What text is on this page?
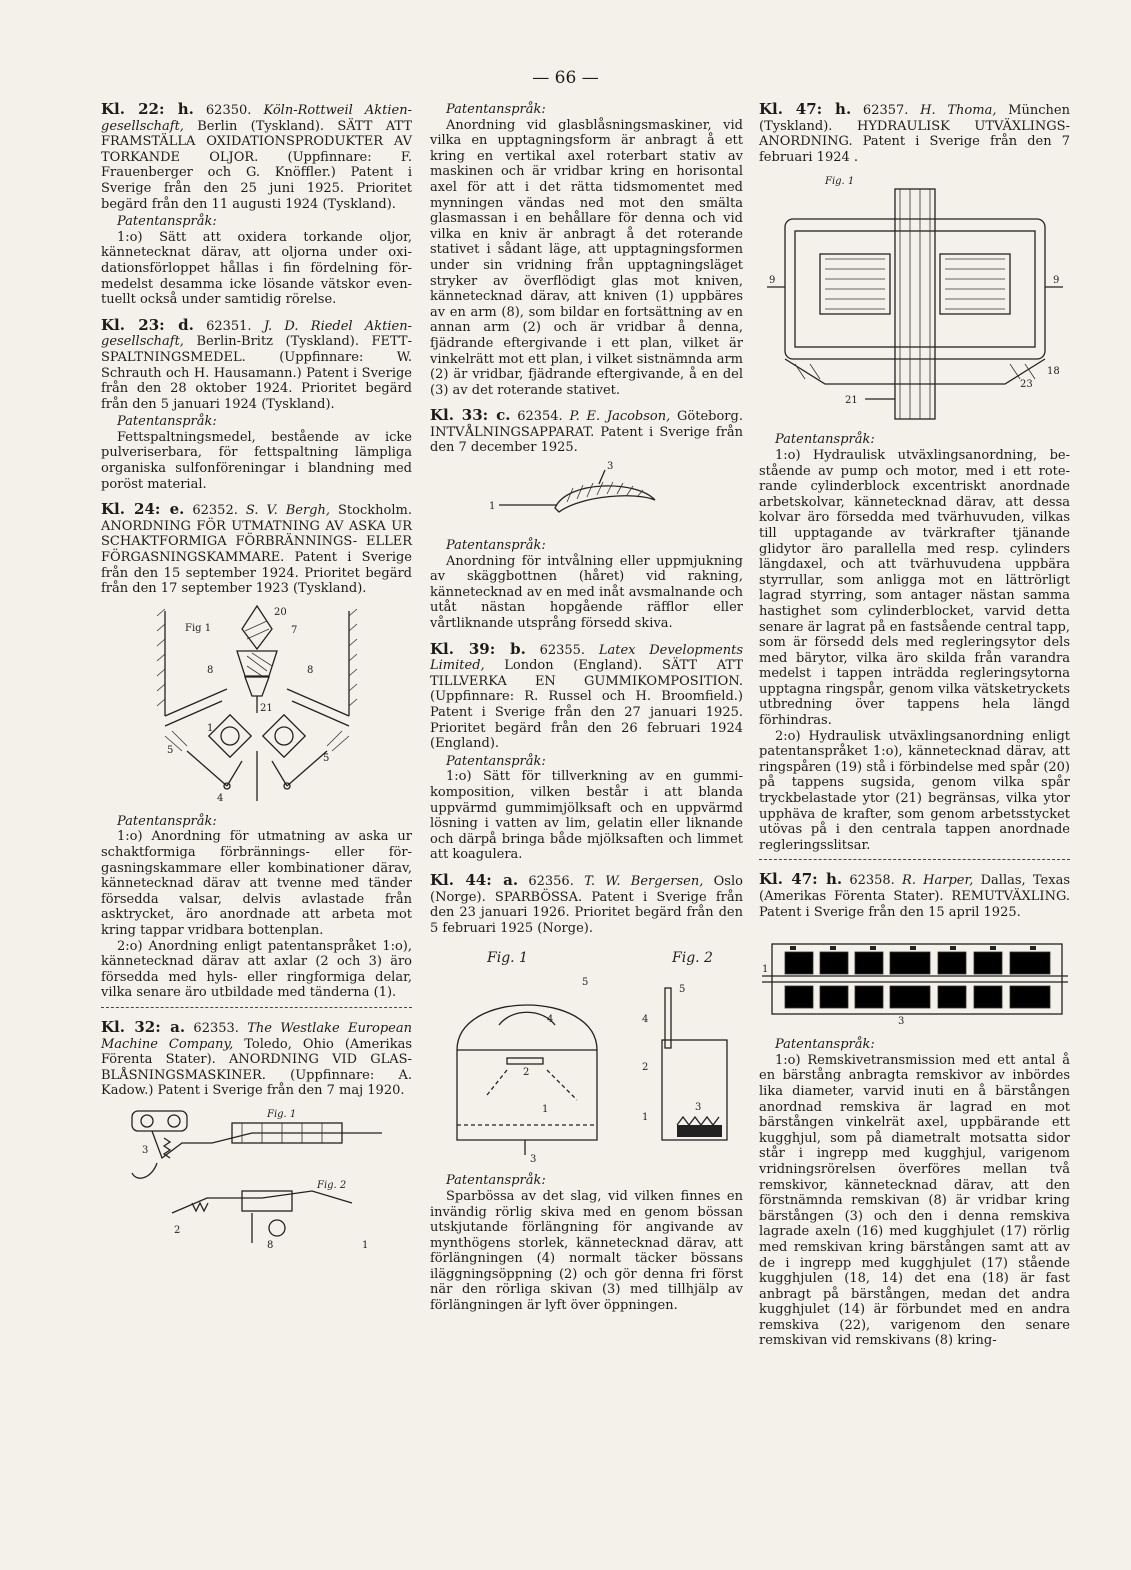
— 66 —

Kl. 22: h. 62350. Köln-Rottweil Aktiengesellschaft, Berlin (Tyskland). SÄTT ATT FRAMSTÄLLA OXIDATIONSPRODUKTER AV TORKANDE OLJOR. (Uppfinnare: F. Frauenberger och G. Knöffler.) Patent i Sverige från den 25 juni 1925. Prioritet begärd från den 11 augusti 1924 (Tyskland).

Patentanspråk:

1:o) Sätt att oxidera torkande oljor, kännetecknat därav, att oljorna under oxidationsförloppet hållas i fin fördelning förmedelst desamma icke lösande vätskor eventuellt också under samtidig rörelse.

Kl. 23: d. 62351. J. D. Riedel Aktiengesellschaft, Berlin-Britz (Tyskland). FETTSPALTNINGSMEDEL. (Uppfinnare: W. Schrauth och H. Hausamann.) Patent i Sverige från den 28 oktober 1924. Prioritet begärd från den 5 januari 1924 (Tyskland).

Patentanspråk:

Fettspaltningsmedel, bestående av icke pulveriserbara, för fettspaltning lämpliga organiska sulfonföreningar i blandning med poröst material.

Kl. 24: e. 62352. S. V. Bergh, Stockholm. ANORDNING FÖR UTMATNING AV ASKA UR SCHAKTFORMIGA FÖRBRÄNNINGS- ELLER FÖRGASNINGSKAMMARE. Patent i Sverige från den 15 september 1924. Prioritet begärd från den 17 september 1923 (Tyskland).

Fig 1
20
7
8	8
21
1
5
4
5
Patentanspråk:

1:o) Anordning för utmatning av aska ur schaktformiga förbrännings- eller förgasningskammare eller kombinationer därav, kännetecknad därav att tvenne med tänder försedda valsar, delvis avlastade från asktrycket, äro anordnade att arbeta mot kring tappar vridbara bottenplan.

2:o) Anordning enligt patentanspråket 1:o), kännetecknad därav att axlar (2 och 3) äro försedda med hyls- eller ringformiga delar, vilka senare äro utbildade med tänderna (1).

Kl. 32: a. 62353. The Westlake European Machine Company, Toledo, Ohio (Amerikas Förenta Stater). ANORDNING VID GLASBLÅSNINGSMASKINER. (Uppfinnare: A. Kadow.) Patent i Sverige från den 7 maj 1920.

Fig. 1
Fig. 2
3
2
1
8
Patentanspråk:

Anordning vid glasblåsningsmaskiner, vid vilka en upptagningsform är anbragt å ett kring en vertikal axel roterbart stativ av maskinen och är vridbar kring en horisontal axel för att i det rätta tidsmomentet med mynningen vändas ned mot den smälta glasmassan i en behållare för denna och vid vilka en kniv är anbragt å det roterande stativet i sådant läge, att upptagningsformen under sin vridning från upptagningsläget stryker av överflödigt glas mot kniven, kännetecknad därav, att kniven (1) uppbäres av en arm (8), som bildar en fortsättning av en annan arm (2) och är vridbar å denna, fjädrande eftergivande i ett plan, vilket är vinkelrätt mot ett plan, i vilket sistnämnda arm (2) är vridbar, fjädrande eftergivande, å en del (3) av det roterande stativet.

Kl. 33: c. 62354. P. E. Jacobson, Göteborg. INTVÅLNINGSAPPARAT. Patent i Sverige från den 7 december 1925.

1
3
Patentanspråk:

Anordning för intvålning eller uppmjukning av skäggbottnen (håret) vid rakning, kännetecknad av en med inåt avsmalnande och utåt nästan hopgående räfflor eller vårtliknande utsprång försedd skiva.

Kl. 39: b. 62355. Latex Developments Limited, London (England). SÄTT ATT TILLVERKA EN GUMMIKOMPOSITION. (Uppfinnare: R. Russel och H. Broomfield.) Patent i Sverige från den 27 januari 1925. Prioritet begärd från den 26 februari 1924 (England).

Patentanspråk:

1:o) Sätt för tillverkning av en gummikomposition, vilken består i att blanda uppvärmd gummimjölksaft och en uppvärmd lösning i vatten av lim, gelatin eller liknande och därpå bringa både mjölksaften och limmet att koagulera.

Kl. 44: a. 62356. T. W. Bergersen, Oslo (Norge). SPARBÖSSA. Patent i Sverige från den 23 januari 1926. Prioritet begärd från den 5 februari 1925 (Norge).

Fig. 1
5
4
2
1
3
Fig. 2
5
4
2
1
3
Patentanspråk:

Sparbössa av det slag, vid vilken finnes en invändig rörlig skiva med en genom bössan utskjutande förlängning för angivande av mynthögens storlek, kännetecknad därav, att förlängningen (4) normalt täcker bössans iläggningsöppning (2) och gör denna fri först när den rörliga skivan (3) med tillhjälp av förlängningen är lyft över öppningen.

Kl. 47: h. 62357. H. Thoma, München (Tyskland). HYDRAULISK UTVÄXLINGSANORDNING. Patent i Sverige från den 7 februari 1924 .

Fig. 1
9	9
18
23
21
Patentanspråk:

1:o) Hydraulisk utväxlingsanordning, bestående av pump och motor, med i ett roterande cylinderblock excentriskt anordnade arbetskolvar, kännetecknad därav, att dessa kolvar äro försedda med tvärhuvuden, vilkas till upptagande av tvärkrafter tjänande glidytor äro parallella med resp. cylinders längdaxel, och att tvärhuvudena uppbära styrrullar, som anligga mot en lättrörligt lagrad styrring, som antager nästan samma hastighet som cylinderblocket, varvid detta senare är lagrat på en fastsående central tapp, som är försedd dels med regleringsytor dels med bärytor, vilka äro skilda från varandra medelst i tappen inträdda regleringsytorna upptagna ringspår, genom vilka vätsketryckets utbredning över tappens hela längd förhindras.

2:o) Hydraulisk utväxlingsanordning enligt patentanspråket 1:o), kännetecknad därav, att ringspåren (19) stå i förbindelse med spår (20) på tappens sugsida, genom vilka spår tryckbelastade ytor (21) begränsas, vilka ytor upphäva de krafter, som genom arbetsstycket utövas på i den centrala tappen anordnade regleringsslitsar.

Kl. 47: h. 62358. R. Harper, Dallas, Texas (Amerikas Förenta Stater). REMUTVÄXLING. Patent i Sverige från den 15 april 1925.

1
3
Patentanspråk:

1:o) Remskivetransmission med ett antal å en bärstång anbragta remskivor av inbördes lika diameter, varvid inuti en å bärstången anordnad remskiva är lagrad en mot bärstången vinkelrät axel, uppbärande ett kugghjul, som på diametralt motsatta sidor står i ingrepp med kugghjul, varigenom vridningsrörelsen överföres mellan två remskivor, kännetecknad därav, att den förstnämnda remskivan (8) är vridbar kring bärstången (3) och den i denna remskiva lagrade axeln (16) med kugghjulet (17) rörlig med remskivan kring bärstången samt att av de i ingrepp med kugghjulet (17) stående kugghjulen (18, 14) det ena (18) är fast anbragt på bärstången, medan det andra kugghjulet (14) är förbundet med en andra remskiva (22), varigenom den senare remskivan vid remskivans (8) kring-
